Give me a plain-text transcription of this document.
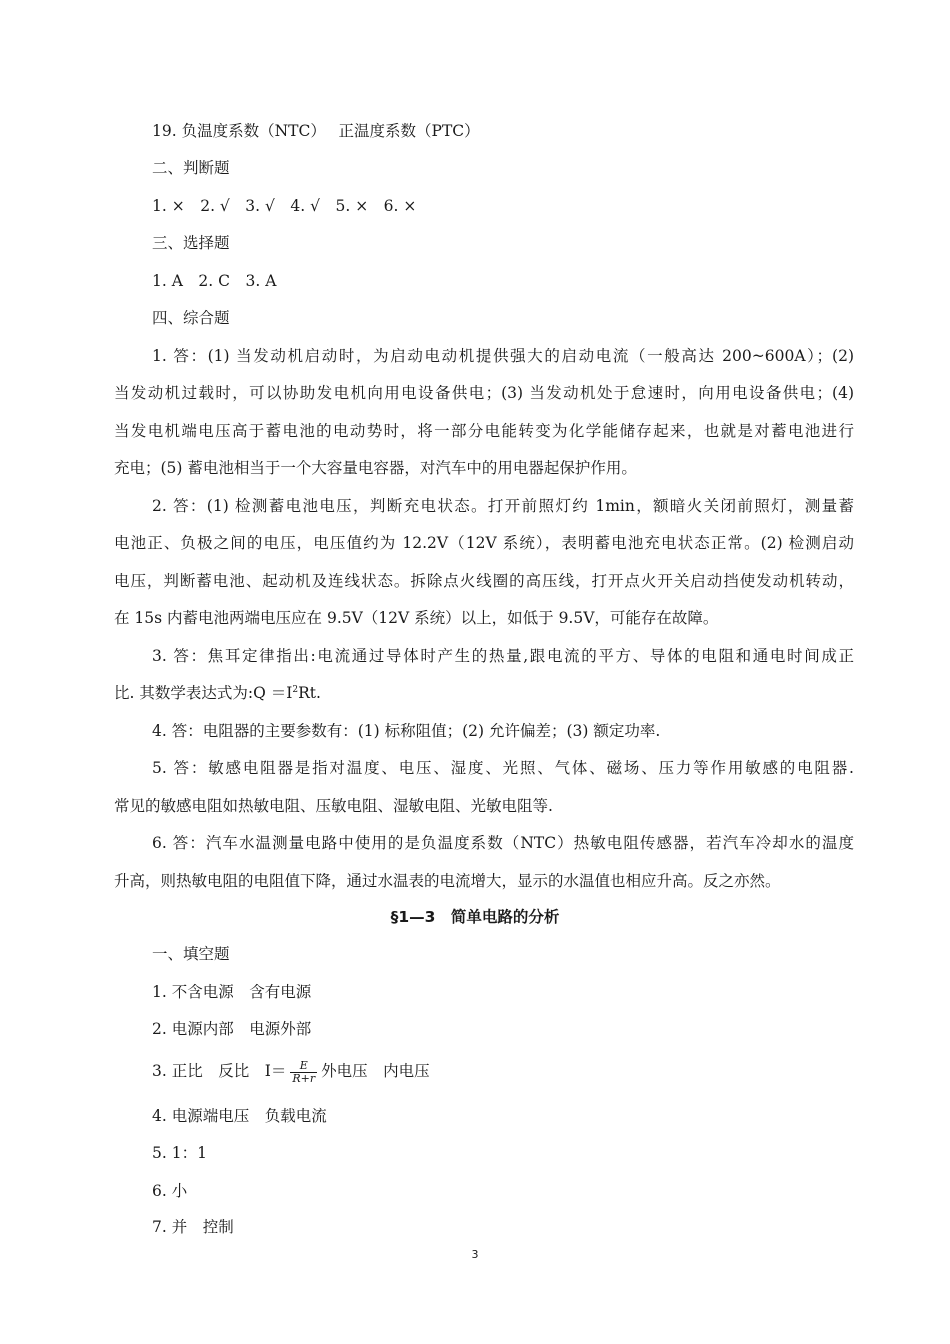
19. 负温度系数（NTC）　 正温度系数（PTC）
二、判断题
1. ×　2. √　3. √　4. √　5. ×　6. ×
三、选择题
1. A　2. C　3. A
四、综合题
1. 答：(1) 当发动机启动时，为启动电动机提供强大的启动电流（一般高达 200~600A）；(2)
当发动机过载时，可以协助发电机向用电设备供电；(3) 当发动机处于怠速时，向用电设备供电；(4)
当发电机端电压高于蓄电池的电动势时，将一部分电能转变为化学能储存起来，也就是对蓄电池进行
充电；(5) 蓄电池相当于一个大容量电容器，对汽车中的用电器起保护作用。
2. 答：(1) 检测蓄电池电压，判断充电状态。打开前照灯约 1min，额暗火关闭前照灯，测量蓄
电池正、负极之间的电压，电压值约为 12.2V（12V 系统），表明蓄电池充电状态正常。(2) 检测启动
电压，判断蓄电池、起动机及连线状态。拆除点火线圈的高压线，打开点火开关启动挡使发动机转动，
在 15s 内蓄电池两端电压应在 9.5V（12V 系统）以上，如低于 9.5V，可能存在故障。
3. 答：焦耳定律指出:电流通过导体时产生的热量,跟电流的平方、导体的电阻和通电时间成正
比. 其数学表达式为:Q $=I^2Rt$.
4. 答：电阻器的主要参数有：(1) 标称阻值；(2) 允许偏差；(3) 额定功率.
5. 答：敏感电阻器是指对温度、电压、湿度、光照、气体、磁场、压力等作用敏感的电阻器.
常见的敏感电阻如热敏电阻、压敏电阻、湿敏电阻、光敏电阻等.
6. 答：汽车水温测量电路中使用的是负温度系数（NTC）热敏电阻传感器，若汽车冷却水的温度
升高，则热敏电阻的电阻值下降，通过水温表的电流增大，显示的水温值也相应升高。反之亦然。
§1—3　简单电路的分析
一、填空题
1. 不含电源　含有电源
2. 电源内部　电源外部
3. 正比　反比　$I= \frac{E}{R+r}$ 外电压　内电压
4. 电源端电压　负载电流
5. 1：1
6. 小
7. 并　控制
3
